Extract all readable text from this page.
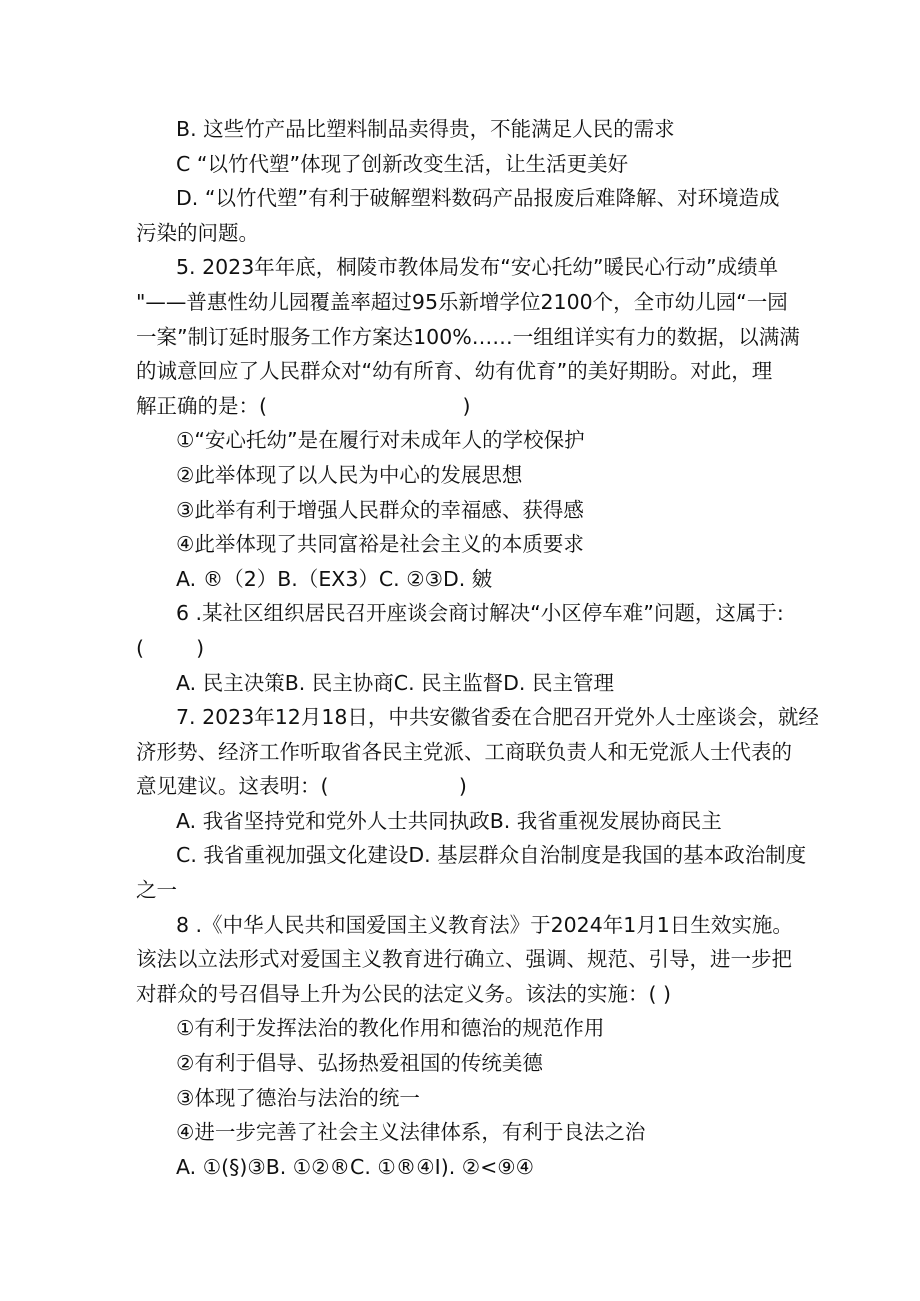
B. 这些竹产品比塑料制品卖得贵，不能满足人民的需求
C “以竹代塑”体现了创新改变生活，让生活更美好
D. “以竹代塑”有利于破解塑料数码产品报废后难降解、对环境造成
污染的问题。
5. 2023年年底，桐陵市教体局发布“安心托幼”暖民心行动”成绩单
"——普惠性幼儿园覆盖率超过95乐新增学位2100个，全市幼儿园“一园
一案”制订延时服务工作方案达100%……一组组详实有力的数据，以满满
的诚意回应了人民群众对“幼有所育、幼有优育”的美好期盼。对此，理
解正确的是：(                              )
①“安心托幼”是在履行对未成年人的学校保护
②此举体现了以人民为中心的发展思想
③此举有利于增强人民群众的幸福感、获得感
④此举体现了共同富裕是社会主义的本质要求
A. ®（2）B.（EX3）C. ②③D. 皴
6 .某社区组织居民召开座谈会商讨解决“小区停车难”问题，这属于:
(        )
A. 民主决策B. 民主协商C. 民主监督D. 民主管理
7. 2023年12月18日，中共安徽省委在合肥召开党外人士座谈会，就经
济形势、经济工作听取省各民主党派、工商联负责人和无党派人士代表的
意见建议。这表明：(                    )
A. 我省坚持党和党外人士共同执政B. 我省重视发展协商民主
C. 我省重视加强文化建设D. 基层群众自治制度是我国的基本政治制度
之一
8 .《中华人民共和国爱国主义教育法》于2024年1月1日生效实施。
该法以立法形式对爱国主义教育进行确立、强调、规范、引导，进一步把
对群众的号召倡导上升为公民的法定义务。该法的实施：( )
①有利于发挥法治的教化作用和德治的规范作用
②有利于倡导、弘扬热爱祖国的传统美德
③体现了德治与法治的统一
④进一步完善了社会主义法律体系，有利于良法之治
A. ①(§)③B. ①②®C. ①®④I). ②<⑨④
